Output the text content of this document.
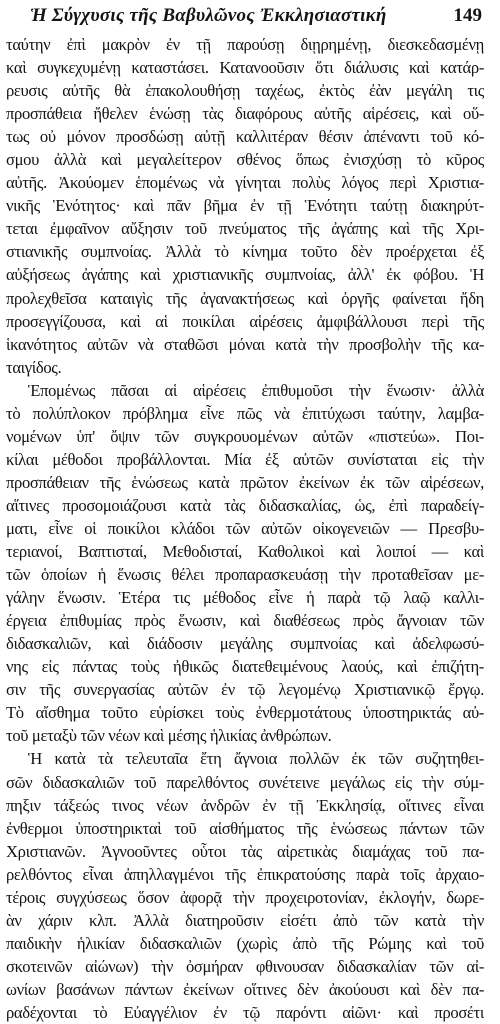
Ἡ Σύγχυσις τῆς Βαβυλῶνος Ἐκκλησιαστική	149

ταύτην ἐπὶ μακρὸν ἐν τῇ παρούσῃ διῃρημένῃ, διεσκεδασμένῃ
καὶ συγκεχυμένῃ καταστάσει. Κατανοοῦσιν ὅτι διάλυσις καὶ κατάρ-
ρευσις αὐτῆς θὰ ἐπακολουθήσῃ ταχέως, ἐκτὸς ἐὰν μεγάλη τις
προσπάθεια ἤθελεν ἑνώσῃ τὰς διαφόρους αὐτῆς αἱρέσεις, καὶ οὕ-
τως οὐ μόνον προσδώσῃ αὐτῇ καλλιτέραν θέσιν ἀπέναντι τοῦ κό-
σμου ἀλλὰ καὶ μεγαλείτερον σθένος ὅπως ἐνισχύσῃ τὸ κῦρος
αὐτῆς. Ἀκούομεν ἑπομένως νὰ γίνηται πολὺς λόγος περὶ Χριστια-
νικῆς Ἑνότητος· καὶ πᾶν βῆμα ἐν τῇ Ἑνότητι ταύτῃ διακηρύτ-
τεται ἐμφαῖνον αὔξησιν τοῦ πνεύματος τῆς ἀγάπης καὶ τῆς Χρι-
στιανικῆς συμπνοίας. Ἀλλὰ τὸ κίνημα τοῦτο δὲν προέρχεται ἐξ
αὐξήσεως ἀγάπης καὶ χριστιανικῆς συμπνοίας, ἀλλ' ἐκ φόβου. Ἡ
προλεχθεῖσα καταιγὶς τῆς ἀγανακτήσεως καὶ ὀργῆς φαίνεται ἤδη
προσεγγίζουσα, καὶ αἱ ποικίλαι αἱρέσεις ἀμφιβάλλουσι περὶ τῆς
ἱκανότητος αὐτῶν νὰ σταθῶσι μόναι κατὰ τὴν προσβολὴν τῆς κα-
ταιγίδος.

Ἑπομένως πᾶσαι αἱ αἱρέσεις ἐπιθυμοῦσι τὴν ἕνωσιν· ἀλλὰ
τὸ πολύπλοκον πρόβλημα εἶνε πῶς νὰ ἐπιτύχωσι ταύτην, λαμβα-
νομένων ὑπ' ὄψιν τῶν συγκρουομένων αὐτῶν «πιστεύω». Ποι-
κίλαι μέθοδοι προβάλλονται. Μία ἐξ αὐτῶν συνίσταται εἰς τὴν
προσπάθειαν τῆς ἑνώσεως κατὰ πρῶτον ἐκείνων ἐκ τῶν αἱρέσεων,
αἵτινες προσομοιάζουσι κατὰ τὰς διδασκαλίας, ὡς, ἐπὶ παραδείγ-
ματι, εἶνε οἱ ποικίλοι κλάδοι τῶν αὐτῶν οἰκογενειῶν — Πρεσβυ-
τεριανοί, Βαπτισταί, Μεθοδισταί, Καθολικοὶ καὶ λοιποί — καὶ
τῶν ὁποίων ἡ ἕνωσις θέλει προπαρασκευάσῃ τὴν προταθεῖσαν με-
γάλην ἕνωσιν. Ἑτέρα τις μέθοδος εἶνε ἡ παρὰ τῷ λαῷ καλλι-
έργεια ἐπιθυμίας πρὸς ἕνωσιν, καὶ διαθέσεως πρὸς ἄγνοιαν τῶν
διδασκαλιῶν, καὶ διάδοσιν μεγάλης συμπνοίας καὶ ἀδελφωσύ-
νης εἰς πάντας τοὺς ἠθικῶς διατεθειμένους λαούς, καὶ ἐπιζήτη-
σιν τῆς συνεργασίας αὐτῶν ἐν τῷ λεγομένῳ Χριστιανικῷ ἔργῳ.
Τὸ αἴσθημα τοῦτο εὑρίσκει τοὺς ἐνθερμοτάτους ὑποστηρικτάς αὐ-
τοῦ μεταξὺ τῶν νέων καὶ μέσης ἡλικίας ἀνθρώπων.

Ἡ κατὰ τὰ τελευταῖα ἔτη ἄγνοια πολλῶν ἐκ τῶν συζητηθει-
σῶν διδασκαλιῶν τοῦ παρελθόντος συνέτεινε μεγάλως εἰς τὴν σύμ-
πηξιν τάξεώς τινος νέων ἀνδρῶν ἐν τῇ Ἐκκλησίᾳ, οἵτινες εἶναι
ἐνθερμοι ὑποστηρικταὶ τοῦ αἰσθήματος τῆς ἑνώσεως πάντων τῶν
Χριστιανῶν. Ἀγνοοῦντες οὗτοι τὰς αἱρετικὰς διαμάχας τοῦ πα-
ρελθόντος εἶναι ἀπηλλαγμένοι τῆς ἐπικρατούσης παρὰ τοῖς ἀρχαιο-
τέροις συγχύσεως ὅσον ἀφορᾷ τὴν προχειροτονίαν, ἐκλογήν, δωρε-
ὰν χάριν κλπ. Ἀλλὰ διατηροῦσιν εἰσέτι ἀπὸ τῶν κατὰ τὴν
παιδικὴν ἡλικίαν διδασκαλιῶν (χωρὶς ἀπὸ τῆς Ρώμης καὶ τοῦ
σκοτεινῶν αἰώνων) τὴν ὀσμήραν φθινουσαν διδασκαλίαν τῶν αἰ-
ωνίων βασάνων πάντων ἐκείνων οἵτινες δὲν ἀκούουσι καὶ δὲν πα-
ραδέχονται τὸ Εὐαγγέλιον ἐν τῷ παρόντι αἰῶνι· καὶ προσέτι
